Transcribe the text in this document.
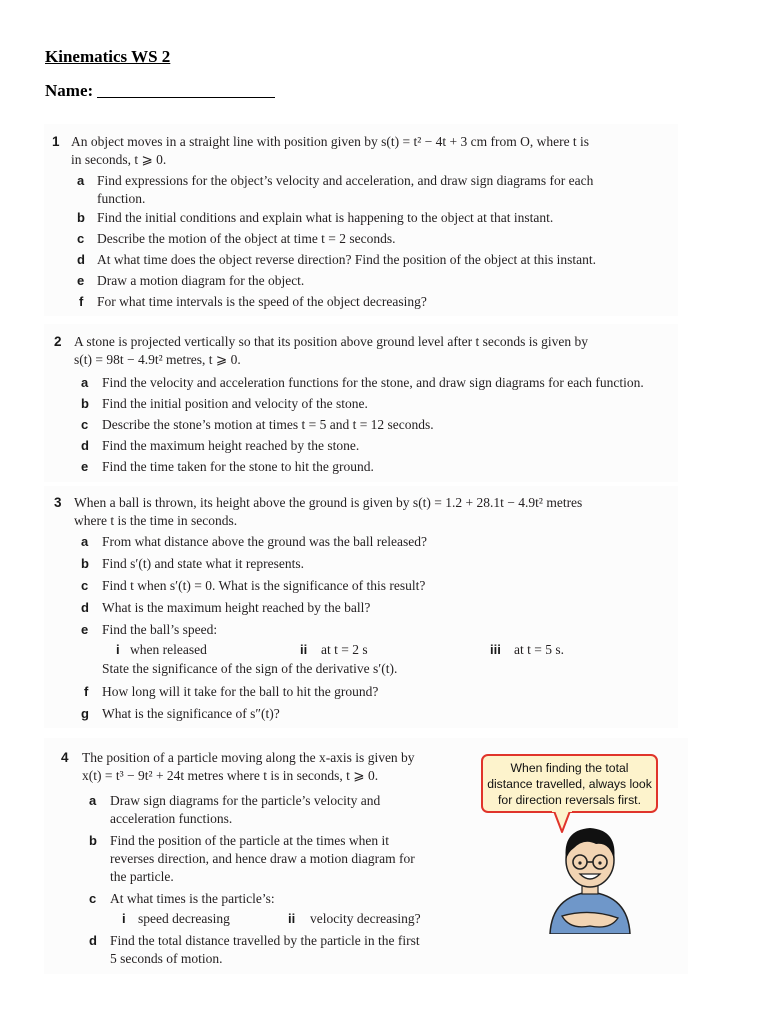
Kinematics WS 2
Name:
1 An object moves in a straight line with position given by s(t) = t² − 4t + 3 cm from O, where t is
in seconds, t ⩾ 0.
a Find expressions for the object’s velocity and acceleration, and draw sign diagrams for each
function.
b Find the initial conditions and explain what is happening to the object at that instant.
c Describe the motion of the object at time t = 2 seconds.
d At what time does the object reverse direction? Find the position of the object at this instant.
e Draw a motion diagram for the object.
f For what time intervals is the speed of the object decreasing?
2 A stone is projected vertically so that its position above ground level after t seconds is given by
s(t) = 98t − 4.9t² metres, t ⩾ 0.
a Find the velocity and acceleration functions for the stone, and draw sign diagrams for each function.
b Find the initial position and velocity of the stone.
c Describe the stone’s motion at times t = 5 and t = 12 seconds.
d Find the maximum height reached by the stone.
e Find the time taken for the stone to hit the ground.
3 When a ball is thrown, its height above the ground is given by s(t) = 1.2 + 28.1t − 4.9t² metres
where t is the time in seconds.
a From what distance above the ground was the ball released?
b Find s′(t) and state what it represents.
c Find t when s′(t) = 0. What is the significance of this result?
d What is the maximum height reached by the ball?
e Find the ball’s speed:
i when released	ii at t = 2 s	iii at t = 5 s.
State the significance of the sign of the derivative s′(t).
f How long will it take for the ball to hit the ground?
g What is the significance of s″(t)?
4 The position of a particle moving along the x-axis is given by
x(t) = t³ − 9t² + 24t metres where t is in seconds, t ⩾ 0.
a Draw sign diagrams for the particle’s velocity and
acceleration functions.
b Find the position of the particle at the times when it
reverses direction, and hence draw a motion diagram for
the particle.
c At what times is the particle’s:
i speed decreasing	ii velocity decreasing?
d Find the total distance travelled by the particle in the first
5 seconds of motion.
When finding the total
distance travelled, always look
for direction reversals first.
